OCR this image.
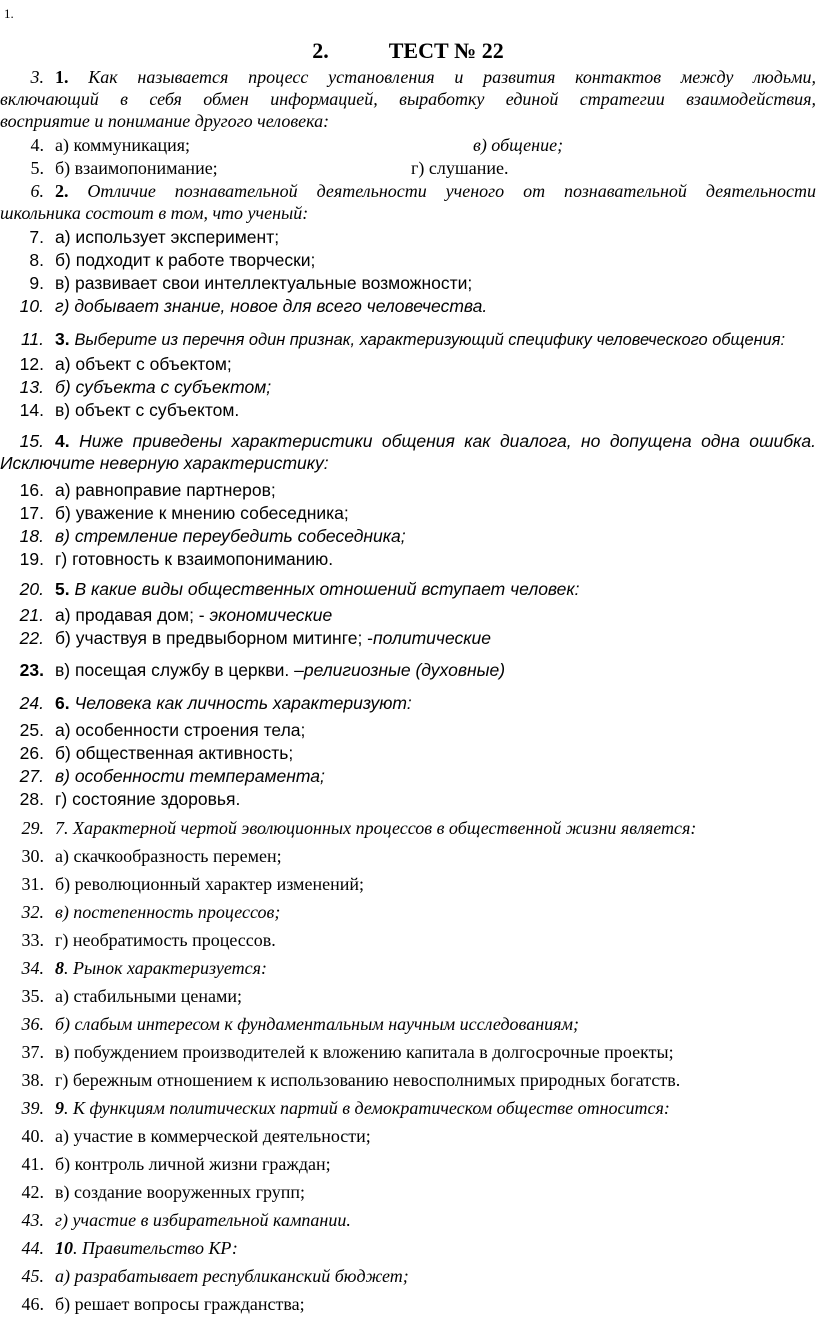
1.
2.	ТЕСТ № 22
3. 1. Как называется процесс установления и развития контактов между людьми,
включающий в себя обмен информацией, выработку единой стратегии взаимодействия,
восприятие и понимание другого человека:
4. а) коммуникация;	в) общение;
5. б) взаимопонимание;	г) слушание.
6. 2. Отличие познавательной деятельности ученого от познавательной деятельности
школьника состоит в том, что ученый:
7. а) использует эксперимент;
8. б) подходит к работе творчески;
9. в) развивает свои интеллектуальные возможности;
10. г) добывает знание, новое для всего человечества.
11. 3. Выберите из перечня один признак, характеризующий специфику человеческого общения:
12. а) объект с объектом;
13. б) субъекта с субъектом;
14. в) объект с субъектом.
15. 4. Ниже приведены характеристики общения как диалога, но допущена одна ошибка.
Исключите неверную характеристику:
16. а) равноправие партнеров;
17. б) уважение к мнению собеседника;
18. в) стремление переубедить собеседника;
19. г) готовность к взаимопониманию.
20. 5. В какие виды общественных отношений вступает человек:
21. а) продавая дом; - экономические
22. б) участвуя в предвыборном митинге; -политические
23. в) посещая службу в церкви. –религиозные (духовные)
24. 6. Человека как личность характеризуют:
25. а) особенности строения тела;
26. б) общественная активность;
27. в) особенности темперамента;
28. г) состояние здоровья.
29. 7. Характерной чертой эволюционных процессов в общественной жизни является:
30. а) скачкообразность перемен;
31. б) революционный характер изменений;
32. в) постепенность процессов;
33. г) необратимость процессов.
34. 8. Рынок характеризуется:
35. а) стабильными ценами;
36. б) слабым интересом к фундаментальным научным исследованиям;
37. в) побуждением производителей к вложению капитала в долгосрочные проекты;
38. г) бережным отношением к использованию невосполнимых природных богатств.
39. 9. К функциям политических партий в демократическом обществе относится:
40. а) участие в коммерческой деятельности;
41. б) контроль личной жизни граждан;
42. в) создание вооруженных групп;
43. г) участие в избирательной кампании.
44. 10. Правительство КР:
45. а) разрабатывает республиканский бюджет;
46. б) решает вопросы гражданства;
